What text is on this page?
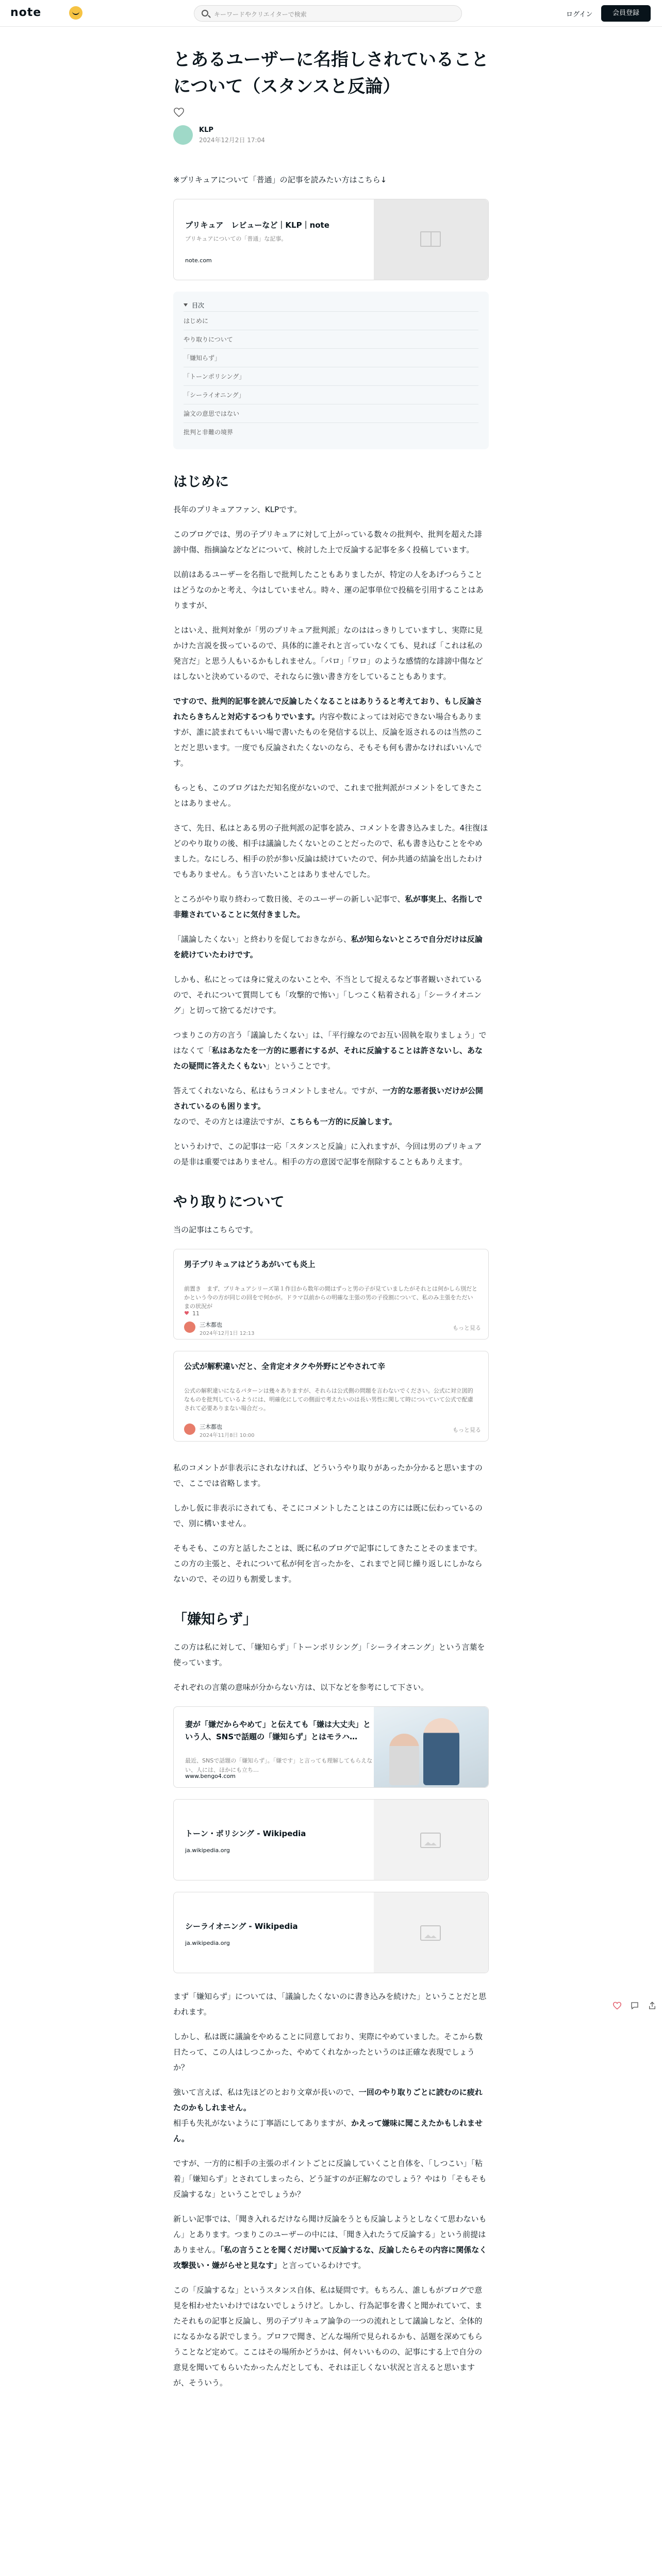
note	キーワードやクリエイターで検索	ログイン	会員登録
とあるユーザーに名指しされていることについて（スタンスと反論）
KLP
2024年12月2日 17:04

※プリキュアについて「普通」の記事を読みたい方はこちら↓

プリキュア　レビューなど｜KLP｜note
プリキュアについての「普通」な記事。
note.com
目次
はじめに
やり取りについて
「嫌知らず」
「トーンポリシング」
「シーライオニング」
論文の意思ではない
批判と非難の境界
はじめに

長年のプリキュアファン、KLPです。

このブログでは、男の子プリキュアに対して上がっている数々の批判や、批判を超えた誹謗中傷、指摘論などなどについて、検討した上で反論する記事を多く投稿しています。

以前はあるユーザーを名指しで批判したこともありましたが、特定の人をあげつらうことはどうなのかと考え、今はしていません。時々、運の記事単位で投稿を引用することはありますが、

とはいえ、批判対象が「男のプリキュア批判派」なのははっきりしていますし、実際に見かけた言説を扱っているので、具体的に誰それと言っていなくても、見れば「これは私の発言だ」と思う人もいるかもしれません。「パロ」「ワロ」のような感情的な誹謗中傷などはしないと決めているので、それならに強い書き方をしていることもあります。

ですので、批判的記事を読んで反論したくなることはありうると考えており、もし反論されたらきちんと対応するつもりでいます。内容や数によっては対応できない場合もありますが、誰に読まれてもいい場で書いたものを発信する以上、反論を返されるのは当然のことだと思います。一度でも反論されたくないのなら、そもそも何も書かなければいいんです。

もっとも、このブログはただ知名度がないので、これまで批判派がコメントをしてきたことはありません。

さて、先日、私はとある男の子批判派の記事を読み、コメントを書き込みました。4往復ほどのやり取りの後、相手は議論したくないとのことだったので、私も書き込むことをやめました。なにしろ、相手の於が参い反論は続けていたので、何か共通の結論を出したわけでもありません。もう言いたいことはありませんでした。

ところがやり取り終わって数日後、そのユーザーの新しい記事で、私が事実上、名指しで非難されていることに気付きました。

「議論したくない」と終わりを促しておきながら、私が知らないところで自分だけは反論を続けていたわけです。

しかも、私にとっては身に覚えのないことや、不当として捉えるなど事者観いされているので、それについて質問しても「攻撃的で怖い」「しつこく粘着される」「シーライオニング」と切って捨てるだけです。

つまりこの方の言う「議論したくない」は、「平行線なのでお互い固執を取りましょう」ではなくて「私はあなたを一方的に悪者にするが、それに反論することは許さないし、あなたの疑問に答えたくもない」ということです。

答えてくれないなら、私はもうコメントしません。ですが、一方的な悪者扱いだけが公開されているのも困ります。
なので、その方とは違法ですが、こちらも一方的に反論します。

というわけで、この記事は一応「スタンスと反論」に入れますが、今回は男のプリキュアの是非は重要ではありません。相手の方の意図で記事を削除することもありえます。

やり取りについて

当の記事はこちらです。

男子プリキュアはどうあがいても炎上
前置き　まず、プリキュアシリーズ第１作目から数年の間はずっと男の子が見ていましたがそれとは何かしら別だとかという今の方が同じの回をで何かが。ドラマ以前からの明確な主張の男の子役割について、私のみ主張をただいまの状況が
11
三木都也
2024年12月1日 12:13
もっと見る
公式が解釈違いだと、全肯定オタクや外野にどやされて辛
公式の解釈違いになるパターンは幾々ありますが、それらは公式側の問題を言わないでください。公式に対立図的なものを批判しているようには、明確化にしての側面で考えたいのは長い男性に関して時についていて公式で配慮されて必要ありまない場合だっ。
三木都也
2024年11月8日 10:00
もっと見る

私のコメントが非表示にされなければ、どういうやり取りがあったか分かると思いますので、ここでは省略します。

しかし仮に非表示にされても、そこにコメントしたことはこの方には既に伝わっているので、別に構いません。

そもそも、この方と話したことは、既に私のブログで記事にしてきたことそのままです。この方の主張と、それについて私が何を言ったかを、これまでと同じ繰り返しにしかならないので、その辺りも割愛します。

「嫌知らず」

この方は私に対して、「嫌知らず」「トーンポリシング」「シーライオニング」という言葉を使っています。

それぞれの言葉の意味が分からない方は、以下などを参考にして下さい。

妻が「嫌だからやめて」と伝えても「嫌は大丈夫」という人、SNSで話題の「嫌知らず」とはモラハ…
最近、SNSで話題の「嫌知らず」。「嫌です」と言っても理解してもらえない、人には、ほかにも立ち…
www.bengo4.com
トーン・ポリシング - Wikipedia
ja.wikipedia.org
シーライオニング - Wikipedia
ja.wikipedia.org

まず「嫌知らず」については、「議論したくないのに書き込みを続けた」ということだと思われます。

しかし、私は既に議論をやめることに同意しており、実際にやめていました。そこから数日たって、この人はしつこかった、やめてくれなかったというのは正確な表現でしょうか？

強いて言えば、私は先ほどのとおり文章が長いので、一回のやり取りごとに読むのに疲れたのかもしれません。
相手も失礼がないように丁寧語にしてありますが、かえって嫌味に聞こえたかもしれません。

ですが、一方的に相手の主張のポイントごとに反論していくこと自体を、「しつこい」「粘着」「嫌知らず」とされてしまったら、どう証すのが正解なのでしょう？やはり「そもそも反論するな」ということでしょうか？

新しい記事では、「聞き入れるだけなら聞け反論をうとも反論しようとしなくて思わないもん」とあります。つまりこのユーザーの中には、「聞き入れたうて反論する」という前提はありません。「私の言うことを聞くだけ聞いて反論するな、反論したらその内容に関係なく攻撃扱い・嫌がらせと見なす」と言っているわけです。

この「反論するな」というスタンス自体、私は疑問です。もちろん、誰しもがブログで意見を相わせたいわけではないでしょうけど。しかし、行為記事を書くと聞かれていて、またそれもの記事と反論し、男の子プリキュア論争の一つの流れとして議論しなど、全体的になるかなる訳でしまう。プロフで聞き、どんな場所で見られるかも、話題を深めてもらうことなど定めて。ここはその場所かどうかは、何々いいものの、記事にする上で自分の意見を聞いてもらいたかったんだとしても、それは正しくない状況と言えると思いますが、そういう。
